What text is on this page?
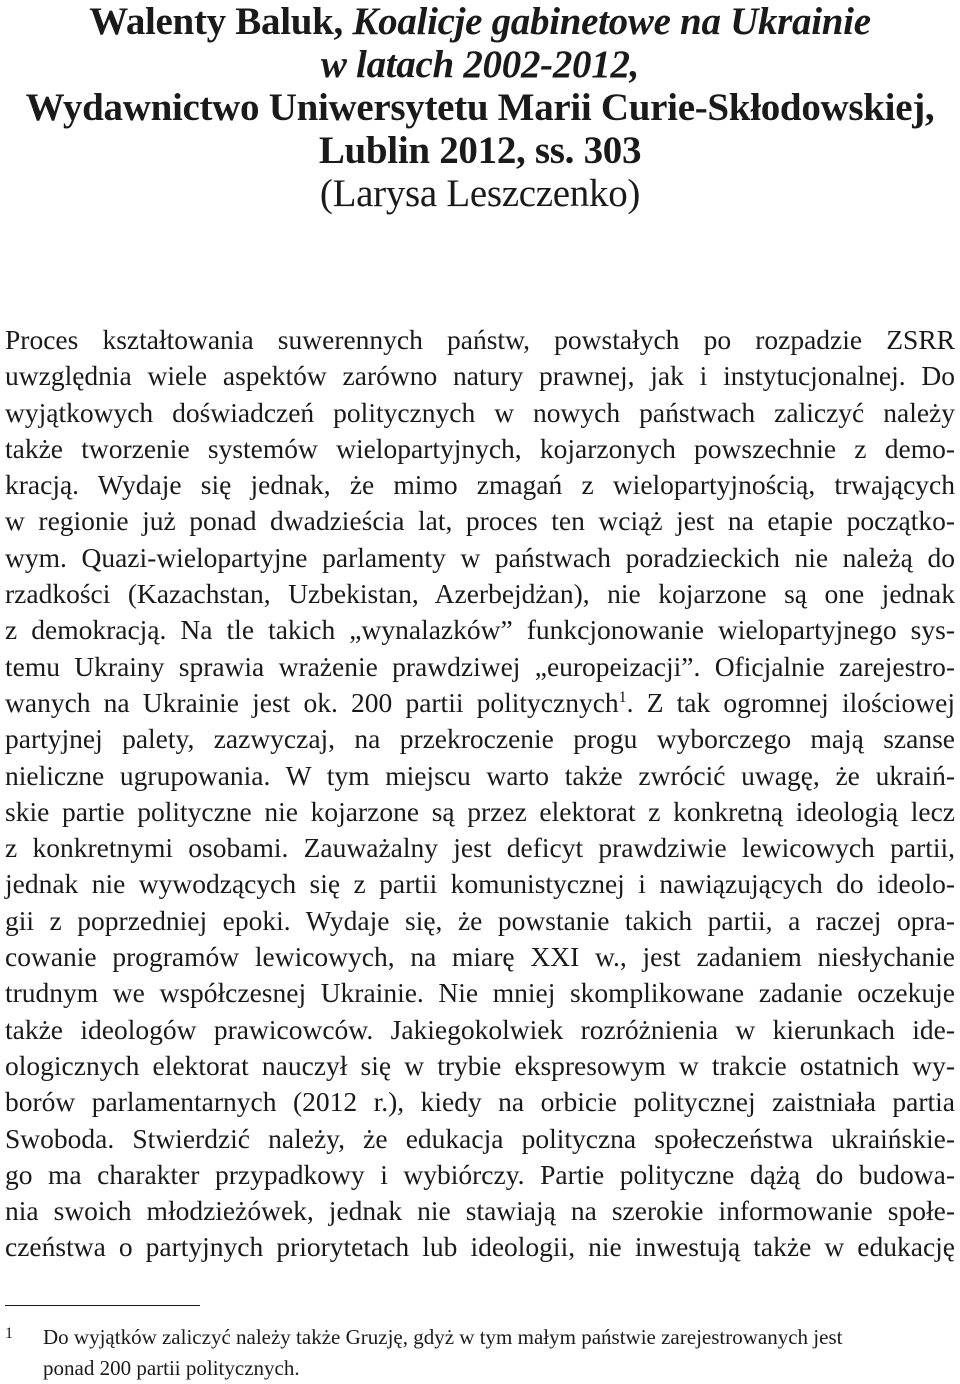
Walenty Baluk, Koalicje gabinetowe na Ukrainie
w latach 2002-2012,
Wydawnictwo Uniwersytetu Marii Curie-Skłodowskiej,
Lublin 2012, ss. 303
(Larysa Leszczenko)
Proces kształtowania suwerennych państw, powstałych po rozpadzie ZSRR
uwzględnia wiele aspektów zarówno natury prawnej, jak i instytucjonalnej. Do
wyjątkowych doświadczeń politycznych w nowych państwach zaliczyć należy
także tworzenie systemów wielopartyjnych, kojarzonych powszechnie z demo-
kracją. Wydaje się jednak, że mimo zmagań z wielopartyjnością, trwających
w regionie już ponad dwadzieścia lat, proces ten wciąż jest na etapie początko-
wym. Quazi-wielopartyjne parlamenty w państwach poradzieckich nie należą do
rzadkości (Kazachstan, Uzbekistan, Azerbejdżan), nie kojarzone są one jednak
z demokracją. Na tle takich „wynalazków” funkcjonowanie wielopartyjnego sys-
temu Ukrainy sprawia wrażenie prawdziwej „europeizacji”. Oficjalnie zarejestro-
wanych na Ukrainie jest ok. 200 partii politycznych$^1$. Z tak ogromnej ilościowej
partyjnej palety, zazwyczaj, na przekroczenie progu wyborczego mają szanse
nieliczne ugrupowania. W tym miejscu warto także zwrócić uwagę, że ukraiń-
skie partie polityczne nie kojarzone są przez elektorat z konkretną ideologią lecz
z konkretnymi osobami. Zauważalny jest deficyt prawdziwie lewicowych partii,
jednak nie wywodzących się z partii komunistycznej i nawiązujących do ideolo-
gii z poprzedniej epoki. Wydaje się, że powstanie takich partii, a raczej opra-
cowanie programów lewicowych, na miarę XXI w., jest zadaniem niesłychanie
trudnym we współczesnej Ukrainie. Nie mniej skomplikowane zadanie oczekuje
także ideologów prawicowców. Jakiegokolwiek rozróżnienia w kierunkach ide-
ologicznych elektorat nauczył się w trybie ekspresowym w trakcie ostatnich wy-
borów parlamentarnych (2012 r.), kiedy na orbicie politycznej zaistniała partia
Swoboda. Stwierdzić należy, że edukacja polityczna społeczeństwa ukraińskie-
go ma charakter przypadkowy i wybiórczy. Partie polityczne dążą do budowa-
nia swoich młodzieżówek, jednak nie stawiają na szerokie informowanie społe-
czeństwa o partyjnych priorytetach lub ideologii, nie inwestują także w edukację
1 Do wyjątków zaliczyć należy także Gruzję, gdyż w tym małym państwie zarejestrowanych jest
ponad 200 partii politycznych.
